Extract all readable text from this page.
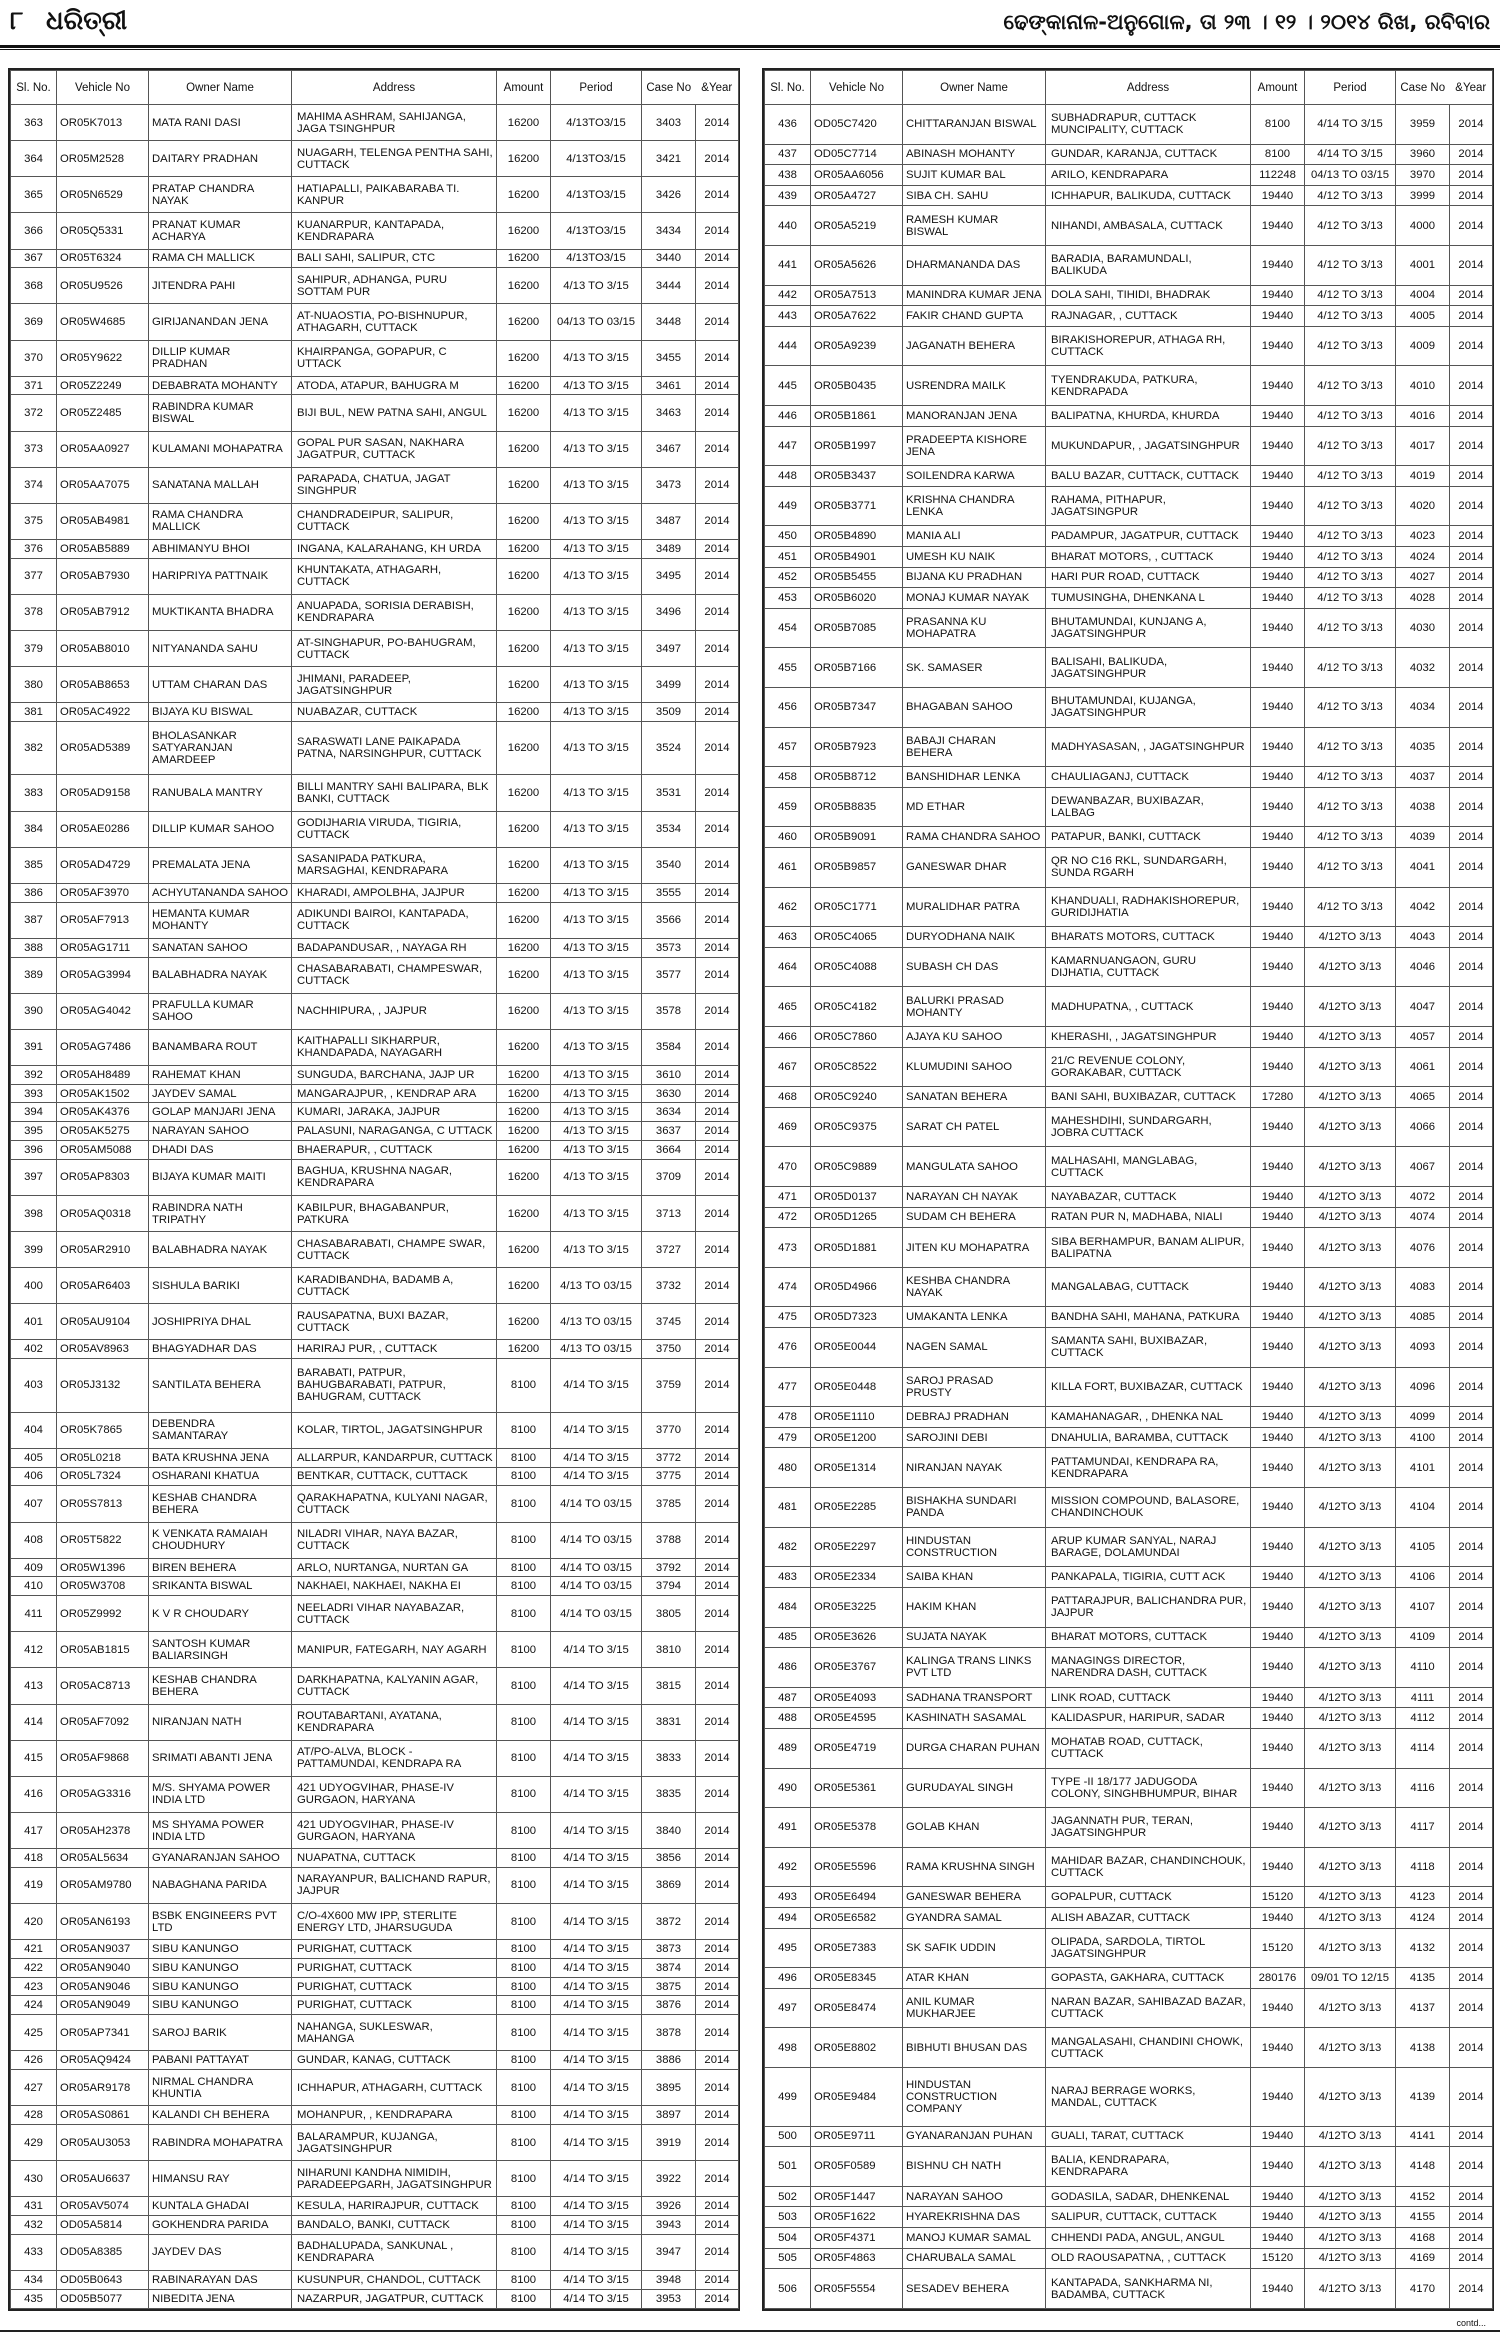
୮ ଧରିତ୍ରୀ	ଢେଙ୍କାନାଳ-ଅନୁଗୋଳ, ତା ୨୩ । ୧୨ । ୨୦୧୪ ରିଖ, ରବିବାର
Sl. No.	Vehicle No	Owner Name	Address	Amount	Period	Case No	&Year
363	OR05K7013	MATA RANI DASI	MAHIMA ASHRAM, SAHIJANGA, JAGA TSINGHPUR	16200	4/13TO3/15	3403	2014
364	OR05M2528	DAITARY PRADHAN	NUAGARH, TELENGA PENTHA SAHI, CUTTACK	16200	4/13TO3/15	3421	2014
365	OR05N6529	PRATAP CHANDRA NAYAK	HATIAPALLI, PAIKABARABA TI. KANPUR	16200	4/13TO3/15	3426	2014
366	OR05Q5331	PRANAT KUMAR ACHARYA	KUANARPUR, KANTAPADA, KENDRAPARA	16200	4/13TO3/15	3434	2014
367	OR05T6324	RAMA CH MALLICK	BALI SAHI, SALIPUR, CTC	16200	4/13TO3/15	3440	2014
368	OR05U9526	JITENDRA PAHI	SAHIPUR, ADHANGA, PURU SOTTAM PUR	16200	4/13 TO 3/15	3444	2014
369	OR05W4685	GIRIJANANDAN JENA	AT-NUAOSTIA, PO-BISHNUPUR, ATHAGARH, CUTTACK	16200	04/13 TO 03/15	3448	2014
370	OR05Y9622	DILLIP KUMAR PRADHAN	KHAIRPANGA, GOPAPUR, C UTTACK	16200	4/13 TO 3/15	3455	2014
371	OR05Z2249	DEBABRATA MOHANTY	ATODA, ATAPUR, BAHUGRA M	16200	4/13 TO 3/15	3461	2014
372	OR05Z2485	RABINDRA KUMAR BISWAL	BIJI BUL, NEW PATNA SAHI, ANGUL	16200	4/13 TO 3/15	3463	2014
373	OR05AA0927	KULAMANI MOHAPATRA	GOPAL PUR SASAN, NAKHARA JAGATPUR, CUTTACK	16200	4/13 TO 3/15	3467	2014
374	OR05AA7075	SANATANA MALLAH	PARAPADA, CHATUA, JAGAT SINGHPUR	16200	4/13 TO 3/15	3473	2014
375	OR05AB4981	RAMA CHANDRA MALLICK	CHANDRADEIPUR, SALIPUR, CUTTACK	16200	4/13 TO 3/15	3487	2014
376	OR05AB5889	ABHIMANYU BHOI	INGANA, KALARAHANG, KH URDA	16200	4/13 TO 3/15	3489	2014
377	OR05AB7930	HARIPRIYA PATTNAIK	KHUNTAKATA, ATHAGARH, CUTTACK	16200	4/13 TO 3/15	3495	2014
378	OR05AB7912	MUKTIKANTA BHADRA	ANUAPADA, SORISIA DERABISH, KENDRAPARA	16200	4/13 TO 3/15	3496	2014
379	OR05AB8010	NITYANANDA SAHU	AT-SINGHAPUR, PO-BAHUGRAM, CUTTACK	16200	4/13 TO 3/15	3497	2014
380	OR05AB8653	UTTAM CHARAN DAS	JHIMANI, PARADEEP, JAGATSINGHPUR	16200	4/13 TO 3/15	3499	2014
381	OR05AC4922	BIJAYA KU BISWAL	NUABAZAR, CUTTACK	16200	4/13 TO 3/15	3509	2014
382	OR05AD5389	BHOLASANKAR SATYARANJAN AMARDEEP	SARASWATI LANE PAIKAPADA PATNA, NARSINGHPUR, CUTTACK	16200	4/13 TO 3/15	3524	2014
383	OR05AD9158	RANUBALA MANTRY	BILLI MANTRY SAHI BALIPARA, BLK BANKI, CUTTACK	16200	4/13 TO 3/15	3531	2014
384	OR05AE0286	DILLIP KUMAR SAHOO	GODIJHARIA VIRUDA, TIGIRIA, CUTTACK	16200	4/13 TO 3/15	3534	2014
385	OR05AD4729	PREMALATA JENA	SASANIPADA PATKURA, MARSAGHAI, KENDRAPARA	16200	4/13 TO 3/15	3540	2014
386	OR05AF3970	ACHYUTANANDA SAHOO	KHARADI, AMPOLBHA, JAJPUR	16200	4/13 TO 3/15	3555	2014
387	OR05AF7913	HEMANTA KUMAR MOHANTY	ADIKUNDI BAIROI, KANTAPADA, CUTTACK	16200	4/13 TO 3/15	3566	2014
388	OR05AG1711	SANATAN SAHOO	BADAPANDUSAR, , NAYAGA RH	16200	4/13 TO 3/15	3573	2014
389	OR05AG3994	BALABHADRA NAYAK	CHASABARABATI, CHAMPESWAR, CUTTACK	16200	4/13 TO 3/15	3577	2014
390	OR05AG4042	PRAFULLA KUMAR SAHOO	NACHHIPURA, , JAJPUR	16200	4/13 TO 3/15	3578	2014
391	OR05AG7486	BANAMBARA ROUT	KAITHAPALLI SIKHARPUR, KHANDAPADA, NAYAGARH	16200	4/13 TO 3/15	3584	2014
392	OR05AH8489	RAHEMAT KHAN	SUNGUDA, BARCHANA, JAJP UR	16200	4/13 TO 3/15	3610	2014
393	OR05AK1502	JAYDEV SAMAL	MANGARAJPUR, , KENDRAP ARA	16200	4/13 TO 3/15	3630	2014
394	OR05AK4376	GOLAP MANJARI JENA	KUMARI, JARAKA, JAJPUR	16200	4/13 TO 3/15	3634	2014
395	OR05AK5275	NARAYAN SAHOO	PALASUNI, NARAGANGA, C UTTACK	16200	4/13 TO 3/15	3637	2014
396	OR05AM5088	DHADI DAS	BHAERAPUR, , CUTTACK	16200	4/13 TO 3/15	3664	2014
397	OR05AP8303	BIJAYA KUMAR MAITI	BAGHUA, KRUSHNA NAGAR, KENDRAPARA	16200	4/13 TO 3/15	3709	2014
398	OR05AQ0318	RABINDRA NATH TRIPATHY	KABILPUR, BHAGABANPUR, PATKURA	16200	4/13 TO 3/15	3713	2014
399	OR05AR2910	BALABHADRA NAYAK	CHASABARABATI, CHAMPE SWAR, CUTTACK	16200	4/13 TO 3/15	3727	2014
400	OR05AR6403	SISHULA BARIKI	KARADIBANDHA, BADAMB A, CUTTACK	16200	4/13 TO 03/15	3732	2014
401	OR05AU9104	JOSHIPRIYA DHAL	RAUSAPATNA, BUXI BAZAR, CUTTACK	16200	4/13 TO 03/15	3745	2014
402	OR05AV8963	BHAGYADHAR DAS	HARIRAJ PUR, , CUTTACK	16200	4/13 TO 03/15	3750	2014
403	OR05J3132	SANTILATA BEHERA	BARABATI, PATPUR, BAHUGBARABATI, PATPUR, BAHUGRAM, CUTTACK	8100	4/14 TO 3/15	3759	2014
404	OR05K7865	DEBENDRA SAMANTARAY	KOLAR, TIRTOL, JAGATSINGHPUR	8100	4/14 TO 3/15	3770	2014
405	OR05L0218	BATA KRUSHNA JENA	ALLARPUR, KANDARPUR, CUTTACK	8100	4/14 TO 3/15	3772	2014
406	OR05L7324	OSHARANI KHATUA	BENTKAR, CUTTACK, CUTTACK	8100	4/14 TO 3/15	3775	2014
407	OR05S7813	KESHAB CHANDRA BEHERA	QARAKHAPATNA, KULYANI NAGAR, CUTTACK	8100	4/14 TO 03/15	3785	2014
408	OR05T5822	K VENKATA RAMAIAH CHOUDHURY	NILADRI VIHAR, NAYA BAZAR, CUTTACK	8100	4/14 TO 03/15	3788	2014
409	OR05W1396	BIREN BEHERA	ARLO, NURTANGA, NURTAN GA	8100	4/14 TO 03/15	3792	2014
410	OR05W3708	SRIKANTA BISWAL	NAKHAEI, NAKHAEI, NAKHA EI	8100	4/14 TO 03/15	3794	2014
411	OR05Z9992	K V R CHOUDARY	NEELADRI VIHAR NAYABAZAR, CUTTACK	8100	4/14 TO 03/15	3805	2014
412	OR05AB1815	SANTOSH KUMAR BALIARSINGH	MANIPUR, FATEGARH, NAY AGARH	8100	4/14 TO 3/15	3810	2014
413	OR05AC8713	KESHAB CHANDRA BEHERA	DARKHAPATNA, KALYANIN AGAR, CUTTACK	8100	4/14 TO 3/15	3815	2014
414	OR05AF7092	NIRANJAN NATH	ROUTABARTANI, AYATANA, KENDRAPARA	8100	4/14 TO 3/15	3831	2014
415	OR05AF9868	SRIMATI ABANTI JENA	AT/PO-ALVA, BLOCK - PATTAMUNDAI, KENDRAPA RA	8100	4/14 TO 3/15	3833	2014
416	OR05AG3316	M/S. SHYAMA POWER INDIA LTD	421 UDYOGVIHAR, PHASE-IV GURGAON, HARYANA	8100	4/14 TO 3/15	3835	2014
417	OR05AH2378	MS SHYAMA POWER INDIA LTD	421 UDYOGVIHAR, PHASE-IV GURGAON, HARYANA	8100	4/14 TO 3/15	3840	2014
418	OR05AL5634	GYANARANJAN SAHOO	NUAPATNA, CUTTACK	8100	4/14 TO 3/15	3856	2014
419	OR05AM9780	NABAGHANA PARIDA	NARAYANPUR, BALICHAND RAPUR, JAJPUR	8100	4/14 TO 3/15	3869	2014
420	OR05AN6193	BSBK ENGINEERS PVT LTD	C/O-4X600 MW IPP, STERLITE ENERGY LTD, JHARSUGUDA	8100	4/14 TO 3/15	3872	2014
421	OR05AN9037	SIBU KANUNGO	PURIGHAT, CUTTACK	8100	4/14 TO 3/15	3873	2014
422	OR05AN9040	SIBU KANUNGO	PURIGHAT, CUTTACK	8100	4/14 TO 3/15	3874	2014
423	OR05AN9046	SIBU KANUNGO	PURIGHAT, CUTTACK	8100	4/14 TO 3/15	3875	2014
424	OR05AN9049	SIBU KANUNGO	PURIGHAT, CUTTACK	8100	4/14 TO 3/15	3876	2014
425	OR05AP7341	SAROJ BARIK	NAHANGA, SUKLESWAR, MAHANGA	8100	4/14 TO 3/15	3878	2014
426	OR05AQ9424	PABANI PATTAYAT	GUNDAR, KANAG, CUTTACK	8100	4/14 TO 3/15	3886	2014
427	OR05AR9178	NIRMAL CHANDRA KHUNTIA	ICHHAPUR, ATHAGARH, CUTTACK	8100	4/14 TO 3/15	3895	2014
428	OR05AS0861	KALANDI CH BEHERA	MOHANPUR, , KENDRAPARA	8100	4/14 TO 3/15	3897	2014
429	OR05AU3053	RABINDRA MOHAPATRA	BALARAMPUR, KUJANGA, JAGATSINGHPUR	8100	4/14 TO 3/15	3919	2014
430	OR05AU6637	HIMANSU RAY	NIHARUNI KANDHA NIMIDIH, PARADEEPGARH, JAGATSINGHPUR	8100	4/14 TO 3/15	3922	2014
431	OR05AV5074	KUNTALA GHADAI	KESULA, HARIRAJPUR, CUTTACK	8100	4/14 TO 3/15	3926	2014
432	OD05A5814	GOKHENDRA PARIDA	BANDALO, BANKI, CUTTACK	8100	4/14 TO 3/15	3943	2014
433	OD05A8385	JAYDEV DAS	BADHALUPADA, SANKUNAL , KENDRAPARA	8100	4/14 TO 3/15	3947	2014
434	OD05B0643	RABINARAYAN DAS	KUSUNPUR, CHANDOL, CUTTACK	8100	4/14 TO 3/15	3948	2014
435	OD05B5077	NIBEDITA JENA	NAZARPUR, JAGATPUR, CUTTACK	8100	4/14 TO 3/15	3953	2014
Sl. No.	Vehicle No	Owner Name	Address	Amount	Period	Case No	&Year
436	OD05C7420	CHITTARANJAN BISWAL	SUBHADRAPUR, CUTTACK MUNCIPALITY, CUTTACK	8100	4/14 TO 3/15	3959	2014
437	OD05C7714	ABINASH MOHANTY	GUNDAR, KARANJA, CUTTACK	8100	4/14 TO 3/15	3960	2014
438	OR05AA6056	SUJIT KUMAR BAL	ARILO, KENDRAPARA	112248	04/13 TO 03/15	3970	2014
439	OR05A4727	SIBA CH. SAHU	ICHHAPUR, BALIKUDA, CUTTACK	19440	4/12 TO 3/13	3999	2014
440	OR05A5219	RAMESH KUMAR BISWAL	NIHANDI, AMBASALA, CUTTACK	19440	4/12 TO 3/13	4000	2014
441	OR05A5626	DHARMANANDA DAS	BARADIA, BARAMUNDALI, BALIKUDA	19440	4/12 TO 3/13	4001	2014
442	OR05A7513	MANINDRA KUMAR JENA	DOLA SAHI, TIHIDI, BHADRAK	19440	4/12 TO 3/13	4004	2014
443	OR05A7622	FAKIR CHAND GUPTA	RAJNAGAR, , CUTTACK	19440	4/12 TO 3/13	4005	2014
444	OR05A9239	JAGANATH BEHERA	BIRAKISHOREPUR, ATHAGA RH, CUTTACK	19440	4/12 TO 3/13	4009	2014
445	OR05B0435	USRENDRA MAILK	TYENDRAKUDA, PATKURA, KENDRAPADA	19440	4/12 TO 3/13	4010	2014
446	OR05B1861	MANORANJAN JENA	BALIPATNA, KHURDA, KHURDA	19440	4/12 TO 3/13	4016	2014
447	OR05B1997	PRADEEPTA KISHORE JENA	MUKUNDAPUR, , JAGATSINGHPUR	19440	4/12 TO 3/13	4017	2014
448	OR05B3437	SOILENDRA KARWA	BALU BAZAR, CUTTACK, CUTTACK	19440	4/12 TO 3/13	4019	2014
449	OR05B3771	KRISHNA CHANDRA LENKA	RAHAMA, PITHAPUR, JAGATSINGPUR	19440	4/12 TO 3/13	4020	2014
450	OR05B4890	MANIA ALI	PADAMPUR, JAGATPUR, CUTTACK	19440	4/12 TO 3/13	4023	2014
451	OR05B4901	UMESH KU NAIK	BHARAT MOTORS, , CUTTACK	19440	4/12 TO 3/13	4024	2014
452	OR05B5455	BIJANA KU PRADHAN	HARI PUR ROAD, CUTTACK	19440	4/12 TO 3/13	4027	2014
453	OR05B6020	MONAJ KUMAR NAYAK	TUMUSINGHA, DHENKANA L	19440	4/12 TO 3/13	4028	2014
454	OR05B7085	PRASANNA KU MOHAPATRA	BHUTAMUNDAI, KUNJANG A, JAGATSINGHPUR	19440	4/12 TO 3/13	4030	2014
455	OR05B7166	SK. SAMASER	BALISAHI, BALIKUDA, JAGATSINGHPUR	19440	4/12 TO 3/13	4032	2014
456	OR05B7347	BHAGABAN SAHOO	BHUTAMUNDAI, KUJANGA, JAGATSINGHPUR	19440	4/12 TO 3/13	4034	2014
457	OR05B7923	BABAJI CHARAN BEHERA	MADHYASASAN, , JAGATSINGHPUR	19440	4/12 TO 3/13	4035	2014
458	OR05B8712	BANSHIDHAR LENKA	CHAULIAGANJ, CUTTACK	19440	4/12 TO 3/13	4037	2014
459	OR05B8835	MD ETHAR	DEWANBAZAR, BUXIBAZAR, LALBAG	19440	4/12 TO 3/13	4038	2014
460	OR05B9091	RAMA CHANDRA SAHOO	PATAPUR, BANKI, CUTTACK	19440	4/12 TO 3/13	4039	2014
461	OR05B9857	GANESWAR DHAR	QR NO C16 RKL, SUNDARGARH, SUNDA RGARH	19440	4/12 TO 3/13	4041	2014
462	OR05C1771	MURALIDHAR PATRA	KHANDUALI, RADHAKISHOREPUR, GURIDIJHATIA	19440	4/12 TO 3/13	4042	2014
463	OR05C4065	DURYODHANA NAIK	BHARATS MOTORS, CUTTACK	19440	4/12TO 3/13	4043	2014
464	OR05C4088	SUBASH CH DAS	KAMARNUANGAON, GURU DIJHATIA, CUTTACK	19440	4/12TO 3/13	4046	2014
465	OR05C4182	BALURKI PRASAD MOHANTY	MADHUPATNA, , CUTTACK	19440	4/12TO 3/13	4047	2014
466	OR05C7860	AJAYA KU SAHOO	KHERASHI, , JAGATSINGHPUR	19440	4/12TO 3/13	4057	2014
467	OR05C8522	KLUMUDINI SAHOO	21/C REVENUE COLONY, GORAKABAR, CUTTACK	19440	4/12TO 3/13	4061	2014
468	OR05C9240	SANATAN BEHERA	BANI SAHI, BUXIBAZAR, CUTTACK	17280	4/12TO 3/13	4065	2014
469	OR05C9375	SARAT CH PATEL	MAHESHDIHI, SUNDARGARH, JOBRA CUTTACK	19440	4/12TO 3/13	4066	2014
470	OR05C9889	MANGULATA SAHOO	MALHASAHI, MANGLABAG, CUTTACK	19440	4/12TO 3/13	4067	2014
471	OR05D0137	NARAYAN CH NAYAK	NAYABAZAR, CUTTACK	19440	4/12TO 3/13	4072	2014
472	OR05D1265	SUDAM CH BEHERA	RATAN PUR N, MADHABA, NIALI	19440	4/12TO 3/13	4074	2014
473	OR05D1881	JITEN KU MOHAPATRA	SIBA BERHAMPUR, BANAM ALIPUR, BALIPATNA	19440	4/12TO 3/13	4076	2014
474	OR05D4966	KESHBA CHANDRA NAYAK	MANGALABAG, CUTTACK	19440	4/12TO 3/13	4083	2014
475	OR05D7323	UMAKANTA LENKA	BANDHA SAHI, MAHANA, PATKURA	19440	4/12TO 3/13	4085	2014
476	OR05E0044	NAGEN SAMAL	SAMANTA SAHI, BUXIBAZAR, CUTTACK	19440	4/12TO 3/13	4093	2014
477	OR05E0448	SAROJ PRASAD PRUSTY	KILLA FORT, BUXIBAZAR, CUTTACK	19440	4/12TO 3/13	4096	2014
478	OR05E1110	DEBRAJ PRADHAN	KAMAHANAGAR, , DHENKA NAL	19440	4/12TO 3/13	4099	2014
479	OR05E1200	SAROJINI DEBI	DNAHULIA, BARAMBA, CUTTACK	19440	4/12TO 3/13	4100	2014
480	OR05E1314	NIRANJAN NAYAK	PATTAMUNDAI, KENDRAPA RA, KENDRAPARA	19440	4/12TO 3/13	4101	2014
481	OR05E2285	BISHAKHA SUNDARI PANDA	MISSION COMPOUND, BALASORE, CHANDINCHOUK	19440	4/12TO 3/13	4104	2014
482	OR05E2297	HINDUSTAN CONSTRUCTION	ARUP KUMAR SANYAL, NARAJ BARAGE, DOLAMUNDAI	19440	4/12TO 3/13	4105	2014
483	OR05E2334	SAIBA KHAN	PANKAPALA, TIGIRIA, CUTT ACK	19440	4/12TO 3/13	4106	2014
484	OR05E3225	HAKIM KHAN	PATTARAJPUR, BALICHANDRA PUR, JAJPUR	19440	4/12TO 3/13	4107	2014
485	OR05E3626	SUJATA NAYAK	BHARAT MOTORS, CUTTACK	19440	4/12TO 3/13	4109	2014
486	OR05E3767	KALINGA TRANS LINKS PVT LTD	MANAGINGS DIRECTOR, NARENDRA DASH, CUTTACK	19440	4/12TO 3/13	4110	2014
487	OR05E4093	SADHANA TRANSPORT	LINK ROAD, CUTTACK	19440	4/12TO 3/13	4111	2014
488	OR05E4595	KASHINATH SASAMAL	KALIDASPUR, HARIPUR, SADAR	19440	4/12TO 3/13	4112	2014
489	OR05E4719	DURGA CHARAN PUHAN	MOHATAB ROAD, CUTTACK, CUTTACK	19440	4/12TO 3/13	4114	2014
490	OR05E5361	GURUDAYAL SINGH	TYPE -II 18/177 JADUGODA COLONY, SINGHBHUMPUR, BIHAR	19440	4/12TO 3/13	4116	2014
491	OR05E5378	GOLAB KHAN	JAGANNATH PUR, TERAN, JAGATSINGHPUR	19440	4/12TO 3/13	4117	2014
492	OR05E5596	RAMA KRUSHNA SINGH	MAHIDAR BAZAR, CHANDINCHOUK, CUTTACK	19440	4/12TO 3/13	4118	2014
493	OR05E6494	GANESWAR BEHERA	GOPALPUR, CUTTACK	15120	4/12TO 3/13	4123	2014
494	OR05E6582	GYANDRA SAMAL	ALISH ABAZAR, CUTTACK	19440	4/12TO 3/13	4124	2014
495	OR05E7383	SK SAFIK UDDIN	OLIPADA, SARDOLA, TIRTOL JAGATSINGHPUR	15120	4/12TO 3/13	4132	2014
496	OR05E8345	ATAR KHAN	GOPASTA, GAKHARA, CUTTACK	280176	09/01 TO 12/15	4135	2014
497	OR05E8474	ANIL KUMAR MUKHARJEE	NARAN BAZAR, SAHIBAZAD BAZAR, CUTTACK	19440	4/12TO 3/13	4137	2014
498	OR05E8802	BIBHUTI BHUSAN DAS	MANGALASAHI, CHANDINI CHOWK, CUTTACK	19440	4/12TO 3/13	4138	2014
499	OR05E9484	HINDUSTAN CONSTRUCTION COMPANY	NARAJ BERRAGE WORKS, MANDAL, CUTTACK	19440	4/12TO 3/13	4139	2014
500	OR05E9711	GYANARANJAN PUHAN	GUALI, TARAT, CUTTACK	19440	4/12TO 3/13	4141	2014
501	OR05F0589	BISHNU CH NATH	BALIA, KENDRAPARA, KENDRAPARA	19440	4/12TO 3/13	4148	2014
502	OR05F1447	NARAYAN SAHOO	GODASILA, SADAR, DHENKENAL	19440	4/12TO 3/13	4152	2014
503	OR05F1622	HYAREKRISHNA DAS	SALIPUR, CUTTACK, CUTTACK	19440	4/12TO 3/13	4155	2014
504	OR05F4371	MANOJ KUMAR SAMAL	CHHENDI PADA, ANGUL, ANGUL	19440	4/12TO 3/13	4168	2014
505	OR05F4863	CHARUBALA SAMAL	OLD RAOUSAPATNA, , CUTTACK	15120	4/12TO 3/13	4169	2014
506	OR05F5554	SESADEV BEHERA	KANTAPADA, SANKHARMA NI, BADAMBA, CUTTACK	19440	4/12TO 3/13	4170	2014
contd...
